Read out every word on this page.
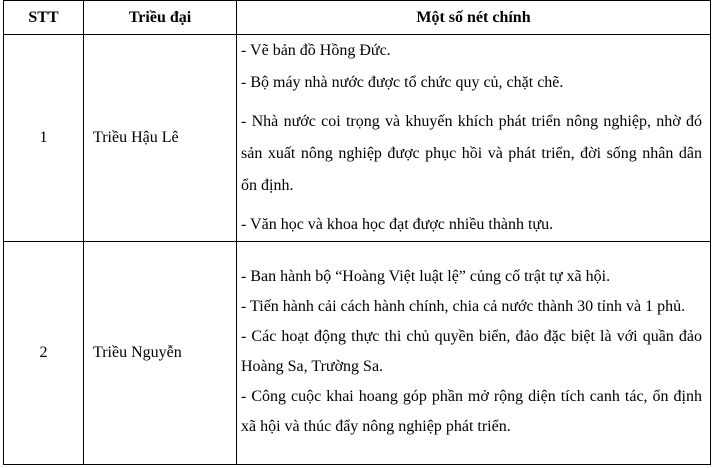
STT	Triều đại	Một số nét chính
1	Triều Hậu Lê	- Vẽ bản đồ Hồng Đức.
- Bộ máy nhà nước được tổ chức quy củ, chặt chẽ.
- Nhà nước coi trọng và khuyến khích phát triển nông nghiệp, nhờ đó sản xuất nông nghiệp được phục hồi và phát triển, đời sống nhân dân ổn định.
- Văn học và khoa học đạt được nhiều thành tựu.

2	Triều Nguyễn	- Ban hành bộ “Hoàng Việt luật lệ” củng cố trật tự xã hội.
- Tiến hành cải cách hành chính, chia cả nước thành 30 tỉnh và 1 phủ.
- Các hoạt động thực thi chủ quyền biển, đảo đặc biệt là với quần đảo Hoàng Sa, Trường Sa.
- Công cuộc khai hoang góp phần mở rộng diện tích canh tác, ổn định xã hội và thúc đẩy nông nghiệp phát triển.
